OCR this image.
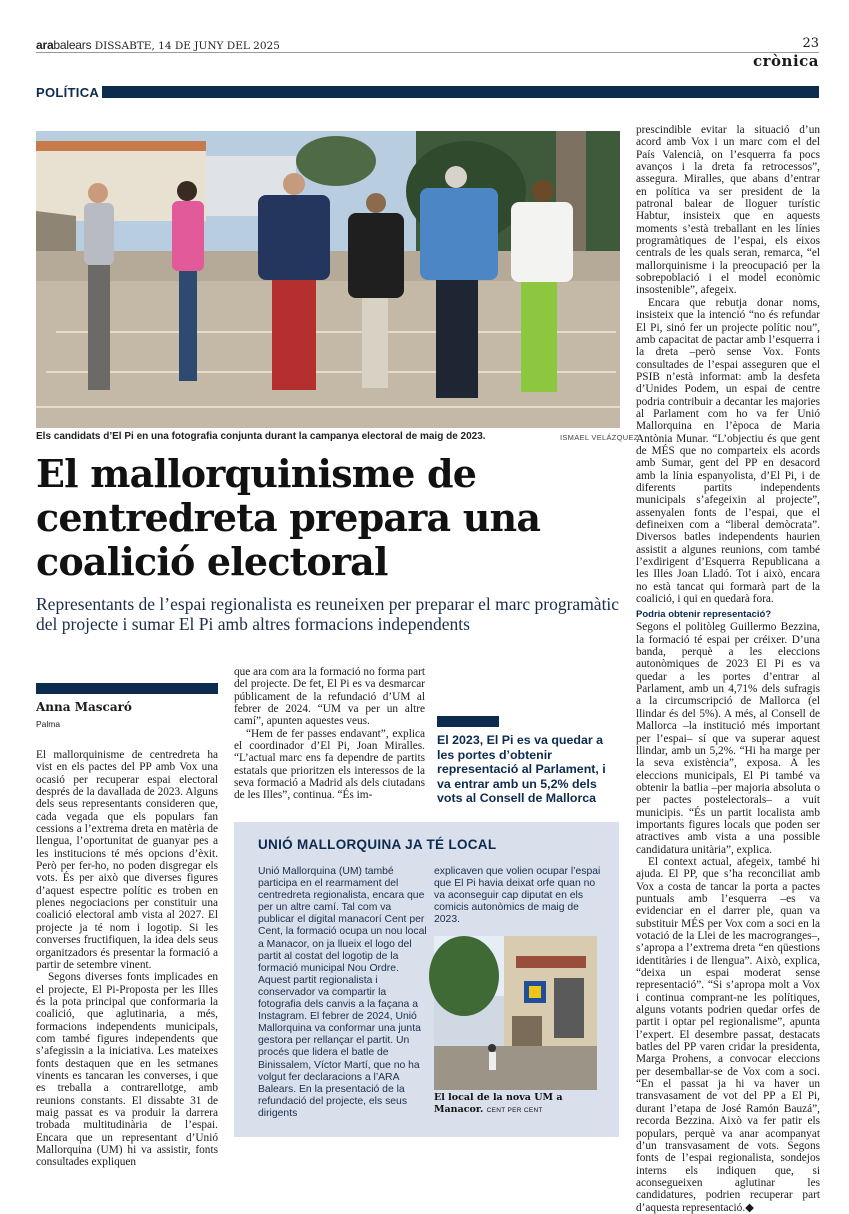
arabalears DISSABTE, 14 DE JUNY DEL 2025	23
crònica
POLÍTICA
Els candidats d’El Pi en una fotografia conjunta durant la campanya electoral de maig de 2023.	ISMAEL VELÁZQUEZ
El mallorquinisme de centredreta prepara una coalició electoral
Representants de l’espai regionalista es reuneixen per preparar el marc programàtic del projecte i sumar El Pi amb altres formacions independents
Anna Mascaró
Palma

El mallorquinisme de centredreta ha vist en els pactes del PP amb Vox una ocasió per recuperar espai electoral després de la davallada de 2023. Alguns dels seus representants consideren que, cada vegada que els populars fan cessions a l’extrema dreta en matèria de llengua, l’oportunitat de guanyar pes a les institucions té més opcions d’èxit. Però per fer-ho, no poden disgregar els vots. És per això que diverses figures d’aquest espectre polític es troben en plenes negociacions per constituir una coalició electoral amb vista al 2027. El projecte ja té nom i logotip. Si les converses fructifiquen, la idea dels seus organitzadors és presentar la formació a partir de setembre vinent.

Segons diverses fonts implicades en el projecte, El Pi-Proposta per les Illes és la pota principal que conformaria la coalició, que aglutinaria, a més, formacions independents municipals, com també figures independents que s’afegissin a la iniciativa. Les mateixes fonts destaquen que en les setmanes vinents es tancaran les converses, i que es treballa a contrarellotge, amb reunions constants. El dissabte 31 de maig passat es va produir la darrera trobada multitudinària de l’espai. Encara que un representant d’Unió Mallorquina (UM) hi va assistir, fonts consultades expliquen

que ara com ara la formació no forma part del projecte. De fet, El Pi es va desmarcar públicament de la refundació d’UM al febrer de 2024. “UM va per un altre camí”, apunten aquestes veus.

“Hem de fer passes endavant”, explica el coordinador d’El Pi, Joan Miralles. “L’actual marc ens fa dependre de partits estatals que prioritzen els interessos de la seva formació a Madrid als dels ciutadans de les Illes”, continua. “És im-

El 2023, El Pi es va quedar a les portes d’obtenir representació al Parlament, i va entrar amb un 5,2% dels vots al Consell de Mallorca
UNIÓ MALLORQUINA JA TÉ LOCAL
Unió Mallorquina (UM) també participa en el rearmament del centredreta regionalista, encara que per un altre camí. Tal com va publicar el digital manacorí Cent per Cent, la formació ocupa un nou local a Manacor, on ja llueix el logo del partit al costat del logotip de la formació municipal Nou Ordre. Aquest partit regionalista i conservador va compartir la fotografia dels canvis a la façana a Instagram. El febrer de 2024, Unió Mallorquina va conformar una junta gestora per rellançar el partit. Un procés que lidera el batle de Binissalem, Víctor Martí, que no ha volgut fer declaracions a l’ARA Balears. En la presentació de la refundació del projecte, els seus dirigents
explicaven que volien ocupar l’espai que El Pi havia deixat orfe quan no va aconseguir cap diputat en els comicis autonòmics de maig de 2023.
El local de la nova UM a Manacor. CENT PER CENT

prescindible evitar la situació d’un acord amb Vox i un marc com el del País Valencià, on l’esquerra fa pocs avanços i la dreta fa retrocessos”, assegura. Miralles, que abans d’entrar en política va ser president de la patronal balear de lloguer turístic Habtur, insisteix que en aquests moments s’està treballant en les línies programàtiques de l’espai, els eixos centrals de les quals seran, remarca, “el mallorquinisme i la preocupació per la sobrepoblació i el model econòmic insostenible”, afegeix.

Encara que rebutja donar noms, insisteix que la intenció “no és refundar El Pi, sinó fer un projecte polític nou”, amb capacitat de pactar amb l’esquerra i la dreta –però sense Vox. Fonts consultades de l’espai asseguren que el PSIB n’està informat: amb la desfeta d’Unides Podem, un espai de centre podria contribuir a decantar les majories al Parlament com ho va fer Unió Mallorquina en l’època de Maria Antònia Munar. “L’objectiu és que gent de MÉS que no comparteix els acords amb Sumar, gent del PP en desacord amb la línia espanyolista, d’El Pi, i de diferents partits independents municipals s’afegeixin al projecte”, assenyalen fonts de l’espai, que el defineixen com a “liberal demòcrata”. Diversos batles independents haurien assistit a algunes reunions, com també l’exdirigent d’Esquerra Republicana a les Illes Joan Lladó. Tot i això, encara no està tancat qui formarà part de la coalició, i qui en quedarà fora.

Podria obtenir representació?

Segons el politòleg Guillermo Bezzina, la formació té espai per créixer. D’una banda, perquè a les eleccions autonòmiques de 2023 El Pi es va quedar a les portes d’entrar al Parlament, amb un 4,71% dels sufragis a la circumscripció de Mallorca (el llindar és del 5%). A més, al Consell de Mallorca –la institució més important per l’espai– sí que va superar aquest llindar, amb un 5,2%. “Hi ha marge per la seva existència”, exposa. A les eleccions municipals, El Pi també va obtenir la batlia –per majoria absoluta o per pactes postelectorals– a vuit municipis. “És un partit localista amb importants figures locals que poden ser atractives amb vista a una possible candidatura unitària”, explica.

El context actual, afegeix, també hi ajuda. El PP, que s’ha reconciliat amb Vox a costa de tancar la porta a pactes puntuals amb l’esquerra –es va evidenciar en el darrer ple, quan va substituir MÉS per Vox com a soci en la votació de la Llei de les macrogranges–, s’apropa a l’extrema dreta “en qüestions identitàries i de llengua”. Això, explica, “deixa un espai moderat sense representació”. “Si s’apropa molt a Vox i continua comprant-ne les polítiques, alguns votants podrien quedar orfes de partit i optar pel regionalisme”, apunta l’expert. El desembre passat, destacats batles del PP varen cridar la presidenta, Marga Prohens, a convocar eleccions per desemballar-se de Vox com a soci. “En el passat ja hi va haver un transvasament de vot del PP a El Pi, durant l’etapa de José Ramón Bauzá”, recorda Bezzina. Això va fer patir els populars, perquè va anar acompanyat d’un transvasament de vots. Segons fonts de l’espai regionalista, sondejos interns els indiquen que, si aconsegueixen aglutinar les candidatures, podrien recuperar part d’aquesta representació.◆
